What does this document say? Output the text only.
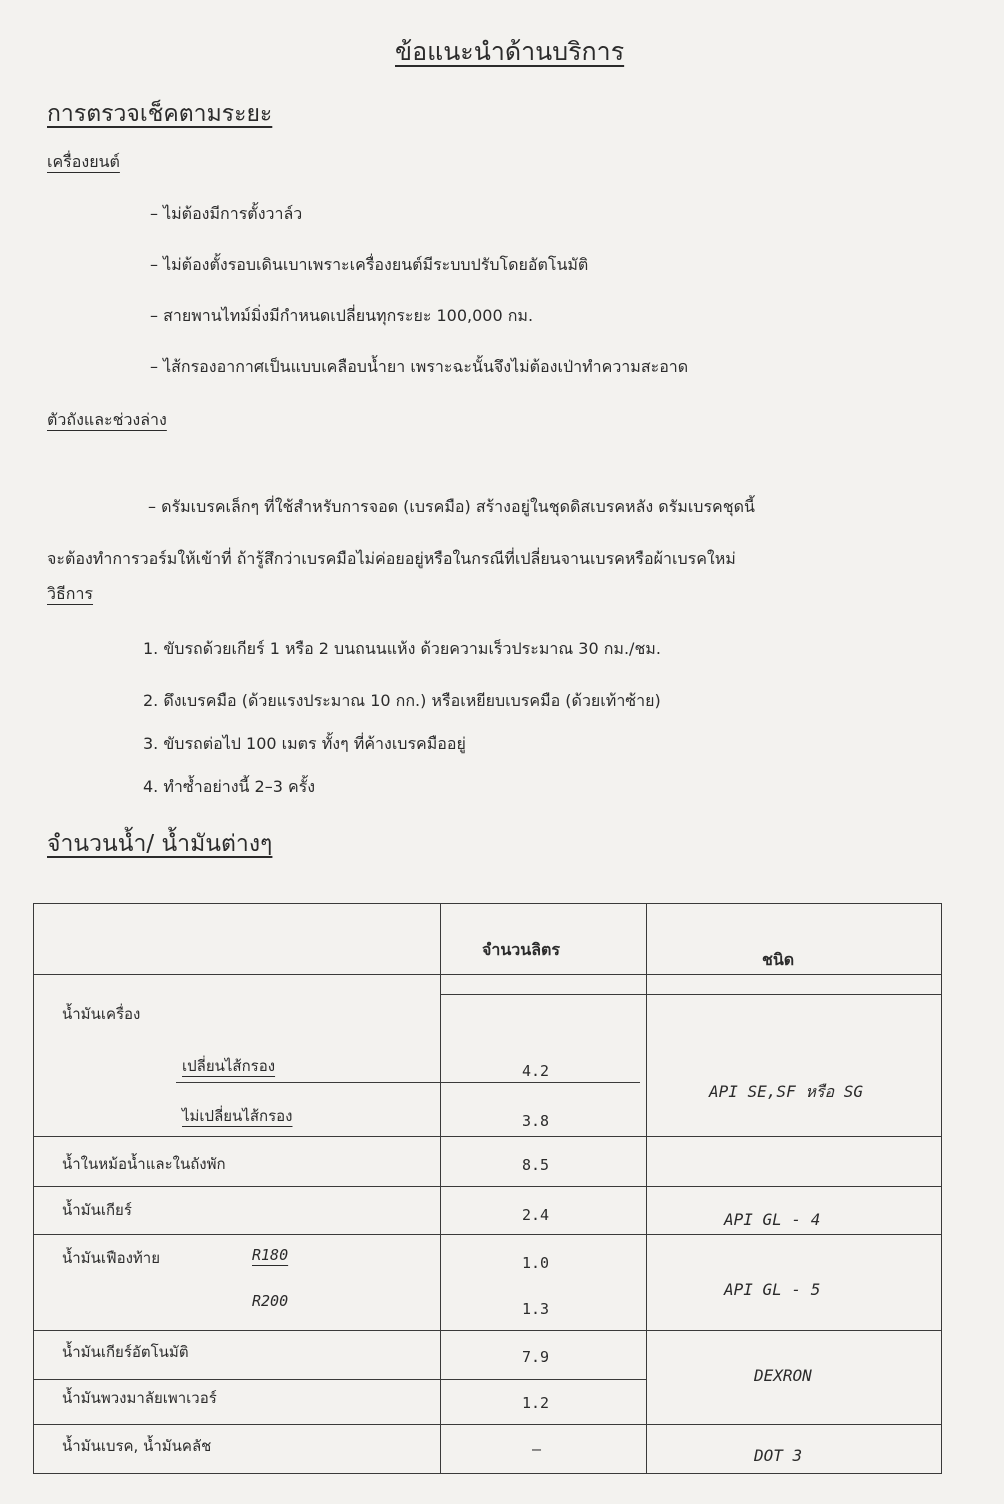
ข้อแนะนำด้านบริการ
การตรวจเช็คตามระยะ
เครื่องยนต์
– ไม่ต้องมีการตั้งวาล์ว
– ไม่ต้องตั้งรอบเดินเบาเพราะเครื่องยนต์มีระบบปรับโดยอัตโนมัติ
– สายพานไทม์มิ่งมีกำหนดเปลี่ยนทุกระยะ 100,000 กม.
– ไส้กรองอากาศเป็นแบบเคลือบน้ำยา เพราะฉะนั้นจึงไม่ต้องเป่าทำความสะอาด
ตัวถังและช่วงล่าง
– ดรัมเบรคเล็กๆ ที่ใช้สำหรับการจอด (เบรคมือ) สร้างอยู่ในชุดดิสเบรคหลัง ดรัมเบรคชุดนี้
จะต้องทำการวอร์มให้เข้าที่ ถ้ารู้สึกว่าเบรคมือไม่ค่อยอยู่หรือในกรณีที่เปลี่ยนจานเบรคหรือผ้าเบรคใหม่
วิธีการ
1. ขับรถด้วยเกียร์ 1 หรือ 2 บนถนนแห้ง ด้วยความเร็วประมาณ 30 กม./ชม.
2. ดึงเบรคมือ (ด้วยแรงประมาณ 10 กก.) หรือเหยียบเบรคมือ (ด้วยเท้าซ้าย)
3. ขับรถต่อไป 100 เมตร ทั้งๆ ที่ค้างเบรคมืออยู่
4. ทำซ้ำอย่างนี้ 2–3 ครั้ง
จำนวนน้ำ/ น้ำมันต่างๆ
จำนวนลิตร
ชนิด
น้ำมันเครื่อง
เปลี่ยนไส้กรอง	4.2
ไม่เปลี่ยนไส้กรอง	3.8
API SE,SF หรือ SG
น้ำในหม้อน้ำและในถังพัก	8.5
น้ำมันเกียร์	2.4	API GL - 4
น้ำมันเฟืองท้าย	R180	1.0
R200	1.3
API GL - 5
น้ำมันเกียร์อัตโนมัติ	7.9
น้ำมันพวงมาลัยเพาเวอร์	1.2
DEXRON
น้ำมันเบรค, น้ำมันคลัช	–	DOT 3
